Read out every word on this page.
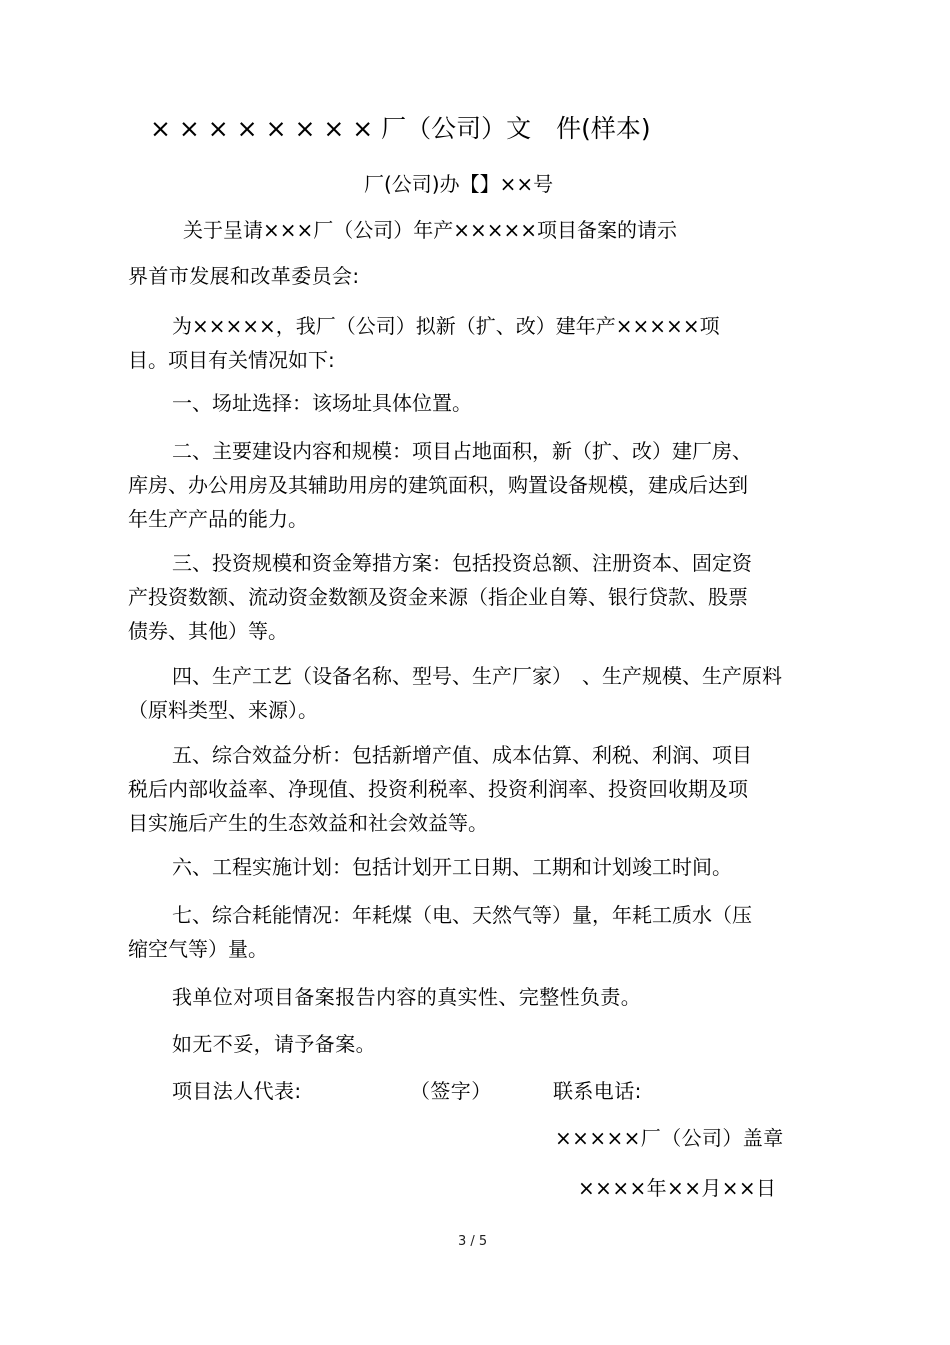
× × × × × × × × 厂（公司）文　件(样本)

厂(公司)办【】××号

关于呈请×××厂（公司）年产×××××项目备案的请示

界首市发展和改革委员会:

为×××××，我厂（公司）拟新（扩、改）建年产×××××项
目。项目有关情况如下:
一、场址选择：该场址具体位置。
二、主要建设内容和规模：项目占地面积，新（扩、改）建厂房、
库房、办公用房及其辅助用房的建筑面积，购置设备规模，建成后达到
年生产产品的能力。
三、投资规模和资金筹措方案：包括投资总额、注册资本、固定资
产投资数额、流动资金数额及资金来源（指企业自筹、银行贷款、股票
债券、其他）等。
四、生产工艺（设备名称、型号、生产厂家）　、生产规模、生产原料
（原料类型、来源）。
五、综合效益分析：包括新增产值、成本估算、利税、利润、项目
税后内部收益率、净现值、投资利税率、投资利润率、投资回收期及项
目实施后产生的生态效益和社会效益等。
六、工程实施计划：包括计划开工日期、工期和计划竣工时间。
七、综合耗能情况：年耗煤（电、天然气等）量，年耗工质水（压
缩空气等）量。

我单位对项目备案报告内容的真实性、完整性负责。

如无不妥，请予备案。

项目法人代表:	（签字）	联系电话:

×××××厂（公司）盖章

××××年××月××日

3 / 5
